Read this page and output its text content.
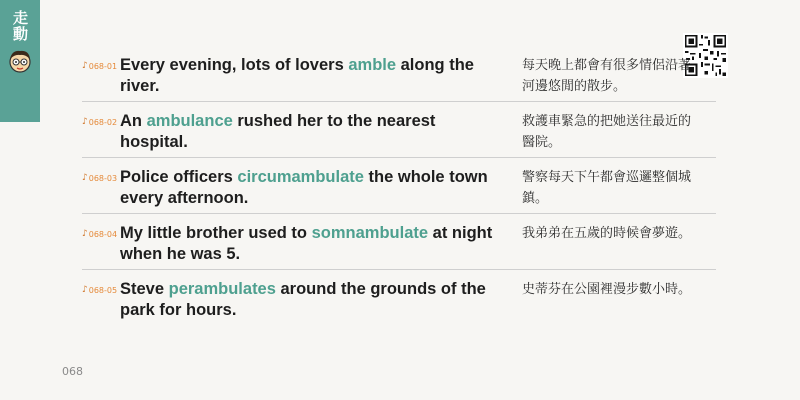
走動
♪ 068-01 Every evening, lots of lovers amble along the river.
每天晚上都會有很多情侶沿著河邊悠閒的散步。
♪ 068-02 An ambulance rushed her to the nearest hospital.
救護車緊急的把她送往最近的醫院。
♪ 068-03 Police officers circumambulate the whole town every afternoon.
警察每天下午都會巡邏整個城鎮。
♪ 068-04 My little brother used to somnambulate at night when he was 5.
我弟弟在五歲的時候會夢遊。
♪ 068-05 Steve perambulates around the grounds of the park for hours.
史蒂芬在公園裡漫步數小時。
068
